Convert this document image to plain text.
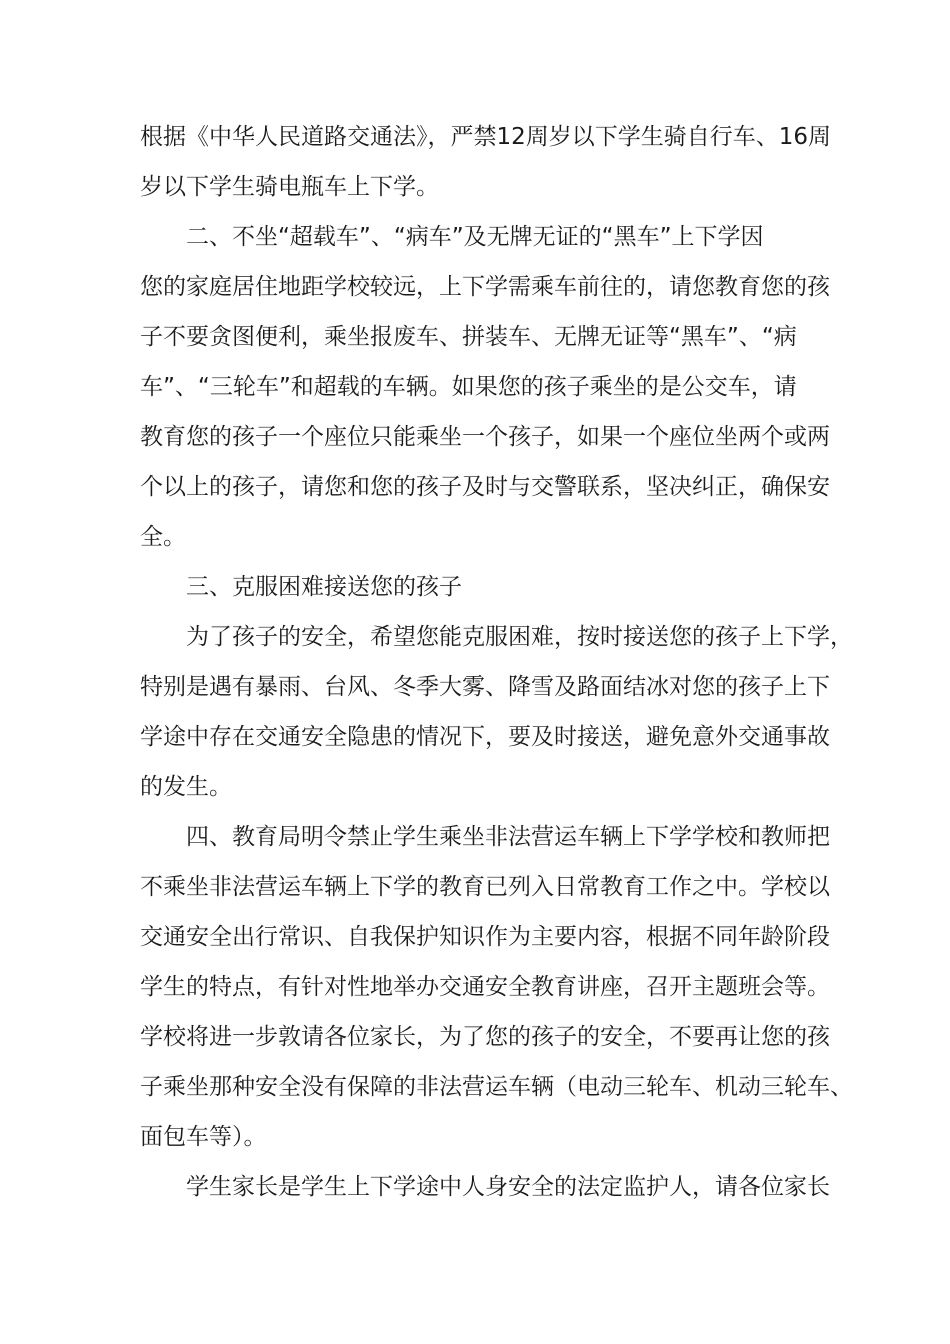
根据《中华人民道路交通法》，严禁12周岁以下学生骑自行车、16周
岁以下学生骑电瓶车上下学。
二、不坐“超载车”、“病车”及无牌无证的“黑车”上下学因
您的家庭居住地距学校较远，上下学需乘车前往的，请您教育您的孩
子不要贪图便利，乘坐报废车、拼装车、无牌无证等“黑车”、“病
车”、“三轮车”和超载的车辆。如果您的孩子乘坐的是公交车，请
教育您的孩子一个座位只能乘坐一个孩子，如果一个座位坐两个或两
个以上的孩子，请您和您的孩子及时与交警联系，坚决纠正，确保安
全。
三、克服困难接送您的孩子
为了孩子的安全，希望您能克服困难，按时接送您的孩子上下学，
特别是遇有暴雨、台风、冬季大雾、降雪及路面结冰对您的孩子上下
学途中存在交通安全隐患的情况下，要及时接送，避免意外交通事故
的发生。
四、教育局明令禁止学生乘坐非法营运车辆上下学学校和教师把
不乘坐非法营运车辆上下学的教育已列入日常教育工作之中。学校以
交通安全出行常识、自我保护知识作为主要内容，根据不同年龄阶段
学生的特点，有针对性地举办交通安全教育讲座，召开主题班会等。
学校将进一步敦请各位家长，为了您的孩子的安全，不要再让您的孩
子乘坐那种安全没有保障的非法营运车辆（电动三轮车、机动三轮车、
面包车等）。
学生家长是学生上下学途中人身安全的法定监护人，请各位家长
